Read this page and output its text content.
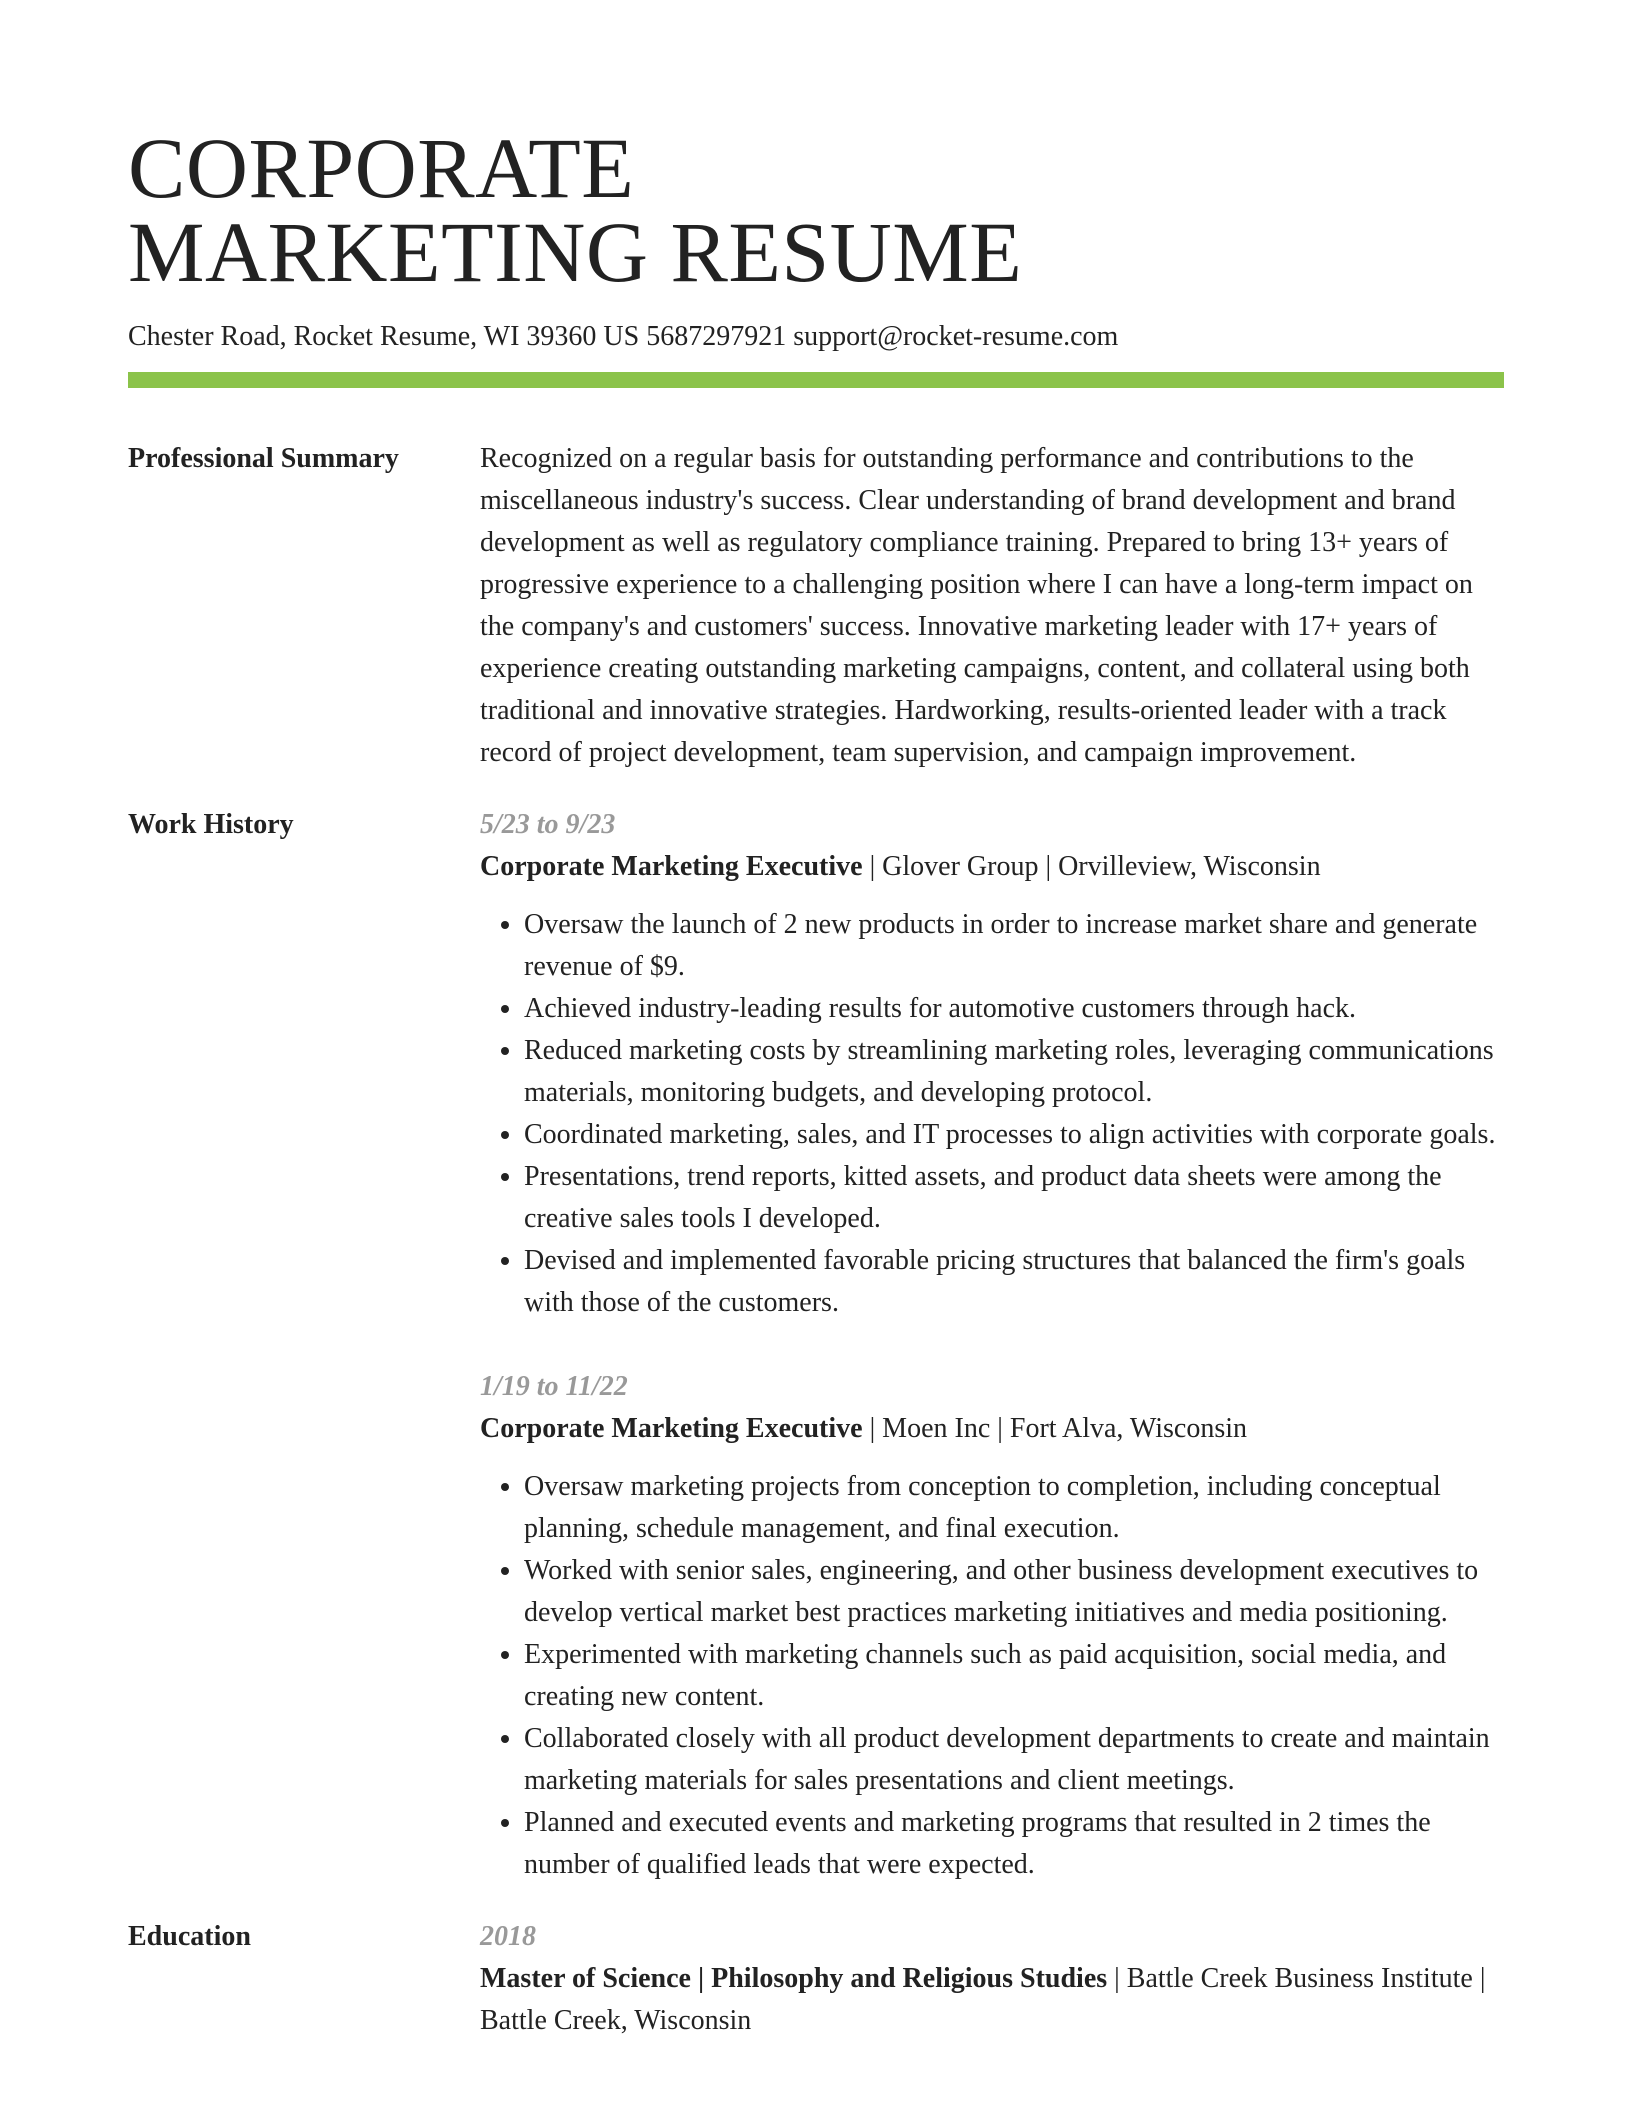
CORPORATE
MARKETING RESUME
Chester Road, Rocket Resume, WI 39360 US 5687297921 support@rocket-resume.com
Professional Summary	Recognized on a regular basis for outstanding performance and contributions to the miscellaneous industry's success. Clear understanding of brand development and brand development as well as regulatory compliance training. Prepared to bring 13+ years of progressive experience to a challenging position where I can have a long-term impact on the company's and customers' success. Innovative marketing leader with 17+ years of experience creating outstanding marketing campaigns, content, and collateral using both traditional and innovative strategies. Hardworking, results-oriented leader with a track record of project development, team supervision, and campaign improvement.

Work History	5/23 to 9/23
Corporate Marketing Executive | Glover Group | Orvilleview, Wisconsin
• Oversaw the launch of 2 new products in order to increase market share and generate revenue of $9.
• Achieved industry-leading results for automotive customers through hack.
• Reduced marketing costs by streamlining marketing roles, leveraging communications materials, monitoring budgets, and developing protocol.
• Coordinated marketing, sales, and IT processes to align activities with corporate goals.
• Presentations, trend reports, kitted assets, and product data sheets were among the creative sales tools I developed.
• Devised and implemented favorable pricing structures that balanced the firm's goals with those of the customers.
1/19 to 11/22
Corporate Marketing Executive | Moen Inc | Fort Alva, Wisconsin
• Oversaw marketing projects from conception to completion, including conceptual planning, schedule management, and final execution.
• Worked with senior sales, engineering, and other business development executives to develop vertical market best practices marketing initiatives and media positioning.
• Experimented with marketing channels such as paid acquisition, social media, and creating new content.
• Collaborated closely with all product development departments to create and maintain marketing materials for sales presentations and client meetings.
• Planned and executed events and marketing programs that resulted in 2 times the number of qualified leads that were expected.
Education	2018
Master of Science | Philosophy and Religious Studies | Battle Creek Business Institute | Battle Creek, Wisconsin
